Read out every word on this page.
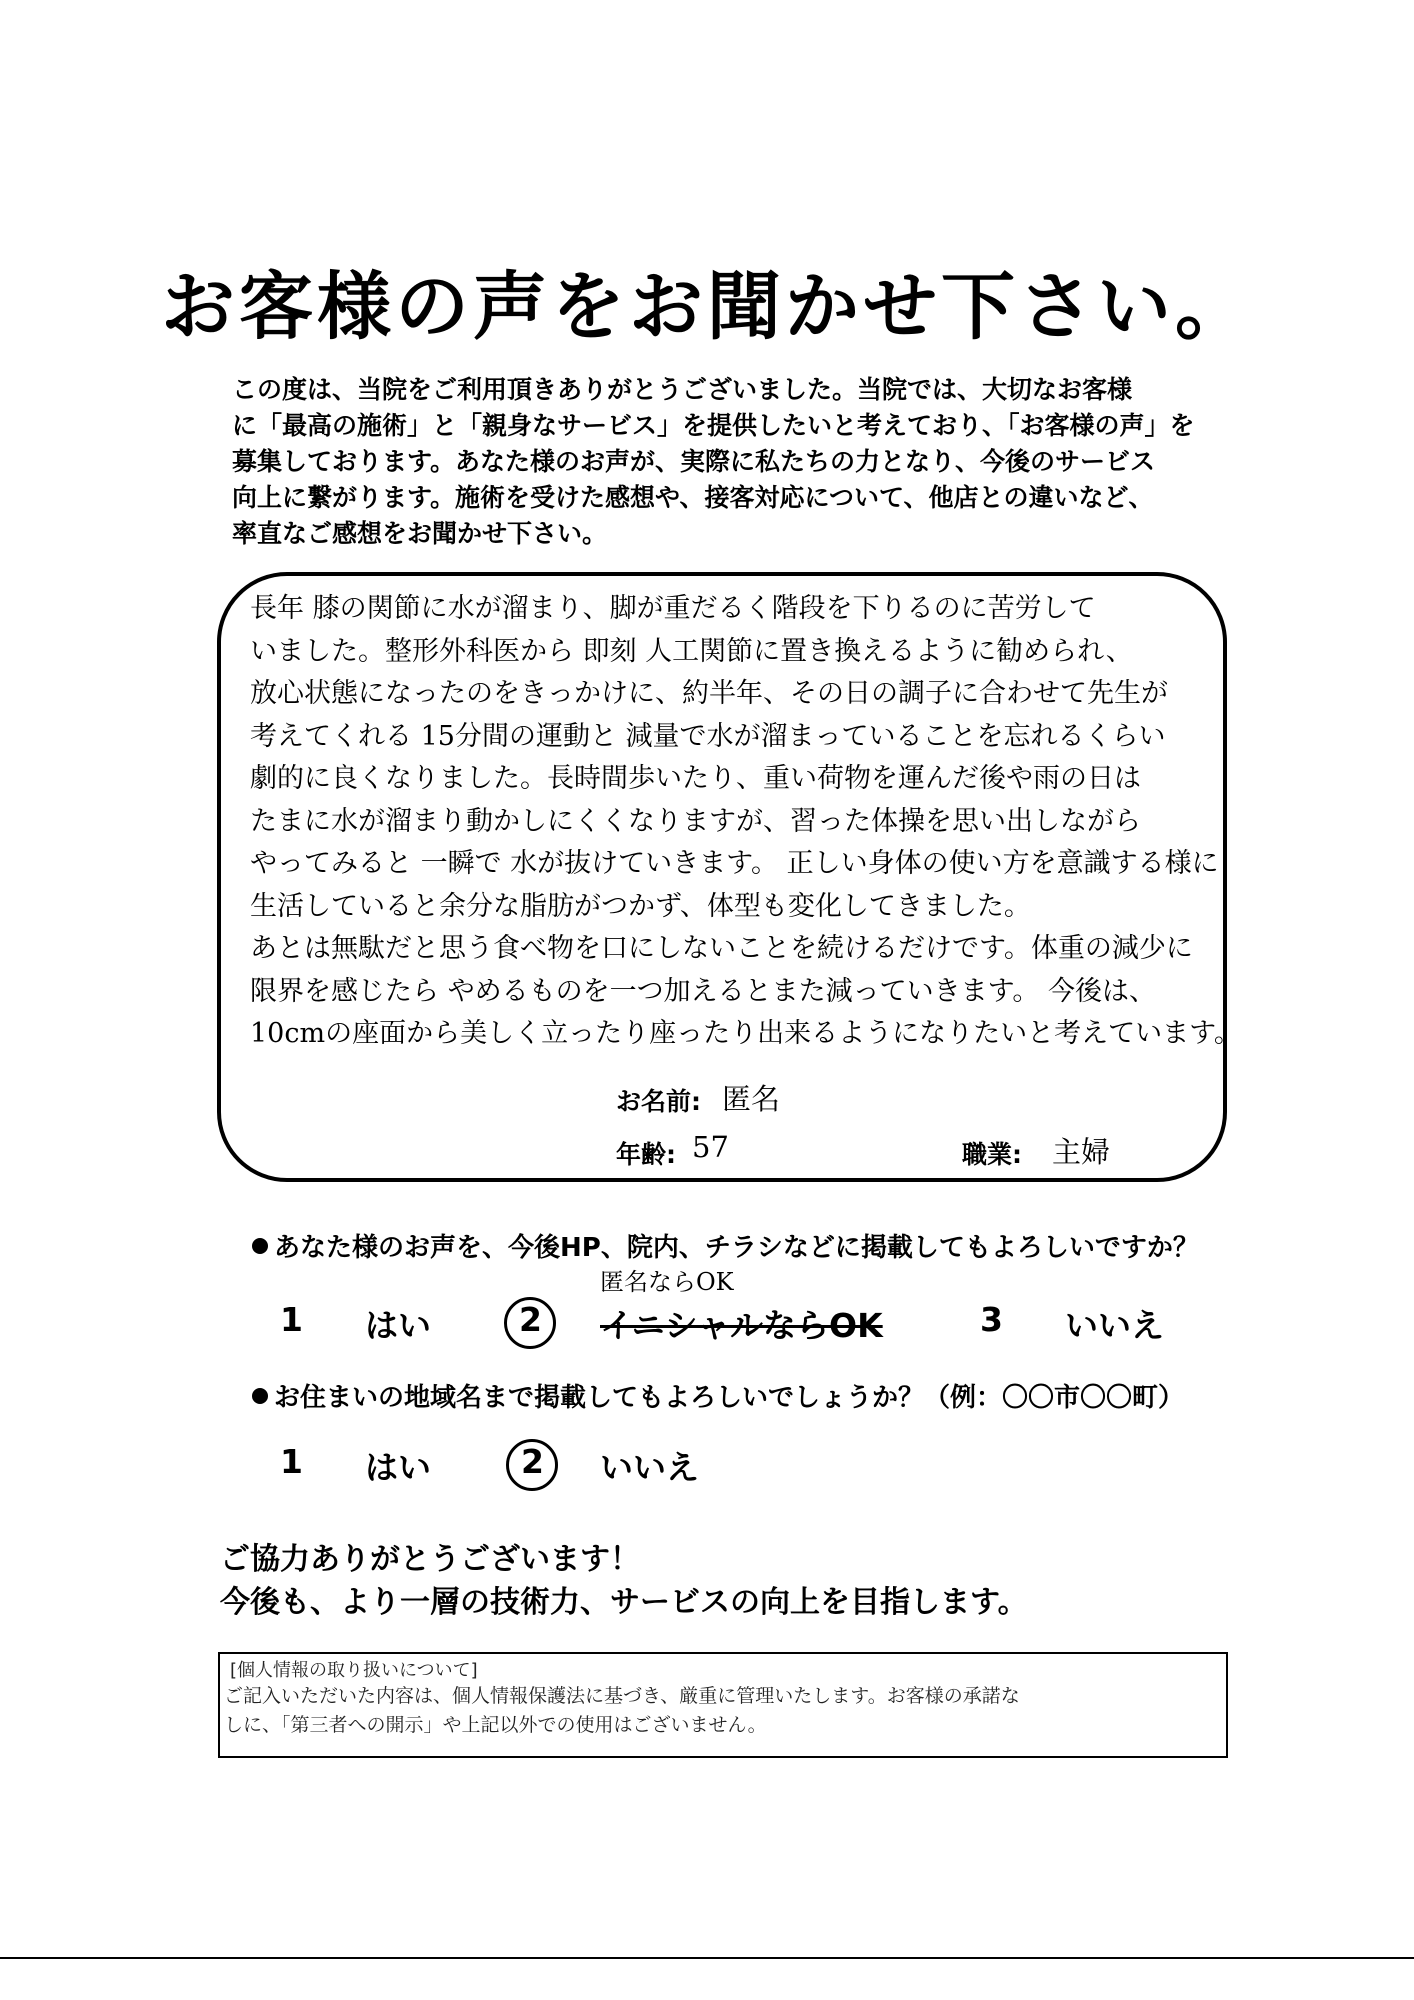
お客様の声をお聞かせ下さい。
この度は、当院をご利用頂きありがとうございました。当院では、大切なお客様
に「最高の施術」と「親身なサービス」を提供したいと考えており、「お客様の声」を
募集しております。あなた様のお声が、実際に私たちの力となり、今後のサービス
向上に繋がります。施術を受けた感想や、接客対応について、他店との違いなど、
率直なご感想をお聞かせ下さい。
長年 膝の関節に水が溜まり、脚が重だるく階段を下りるのに苦労して
いました。整形外科医から 即刻 人工関節に置き換えるように勧められ、
放心状態になったのをきっかけに、約半年、その日の調子に合わせて先生が
考えてくれる 15分間の運動と 減量で水が溜まっていることを忘れるくらい
劇的に良くなりました。長時間歩いたり、重い荷物を運んだ後や雨の日は
たまに水が溜まり動かしにくくなりますが、習った体操を思い出しながら
やってみると 一瞬で 水が抜けていきます。 正しい身体の使い方を意識する様に
生活していると余分な脂肪がつかず、体型も変化してきました。
あとは無駄だと思う食べ物を口にしないことを続けるだけです。体重の減少に
限界を感じたら やめるものを一つ加えるとまた減っていきます。 今後は、
10cmの座面から美しく立ったり座ったり出来るようになりたいと考えています。
お名前: 匿名
年齢: 57	職業: 主婦
あなた様のお声を、今後HP、院内、チラシなどに掲載してもよろしいですか？
匿名ならOK
1 はい	2 イニシャルならOK	3 いいえ
お住まいの地域名まで掲載してもよろしいでしょうか？（例：〇〇市〇〇町）
1 はい	2 いいえ
ご協力ありがとうございます！
今後も、より一層の技術力、サービスの向上を目指します。
[個人情報の取り扱いについて]
ご記入いただいた内容は、個人情報保護法に基づき、厳重に管理いたします。お客様の承諾な
しに、「第三者への開示」や上記以外での使用はございません。
